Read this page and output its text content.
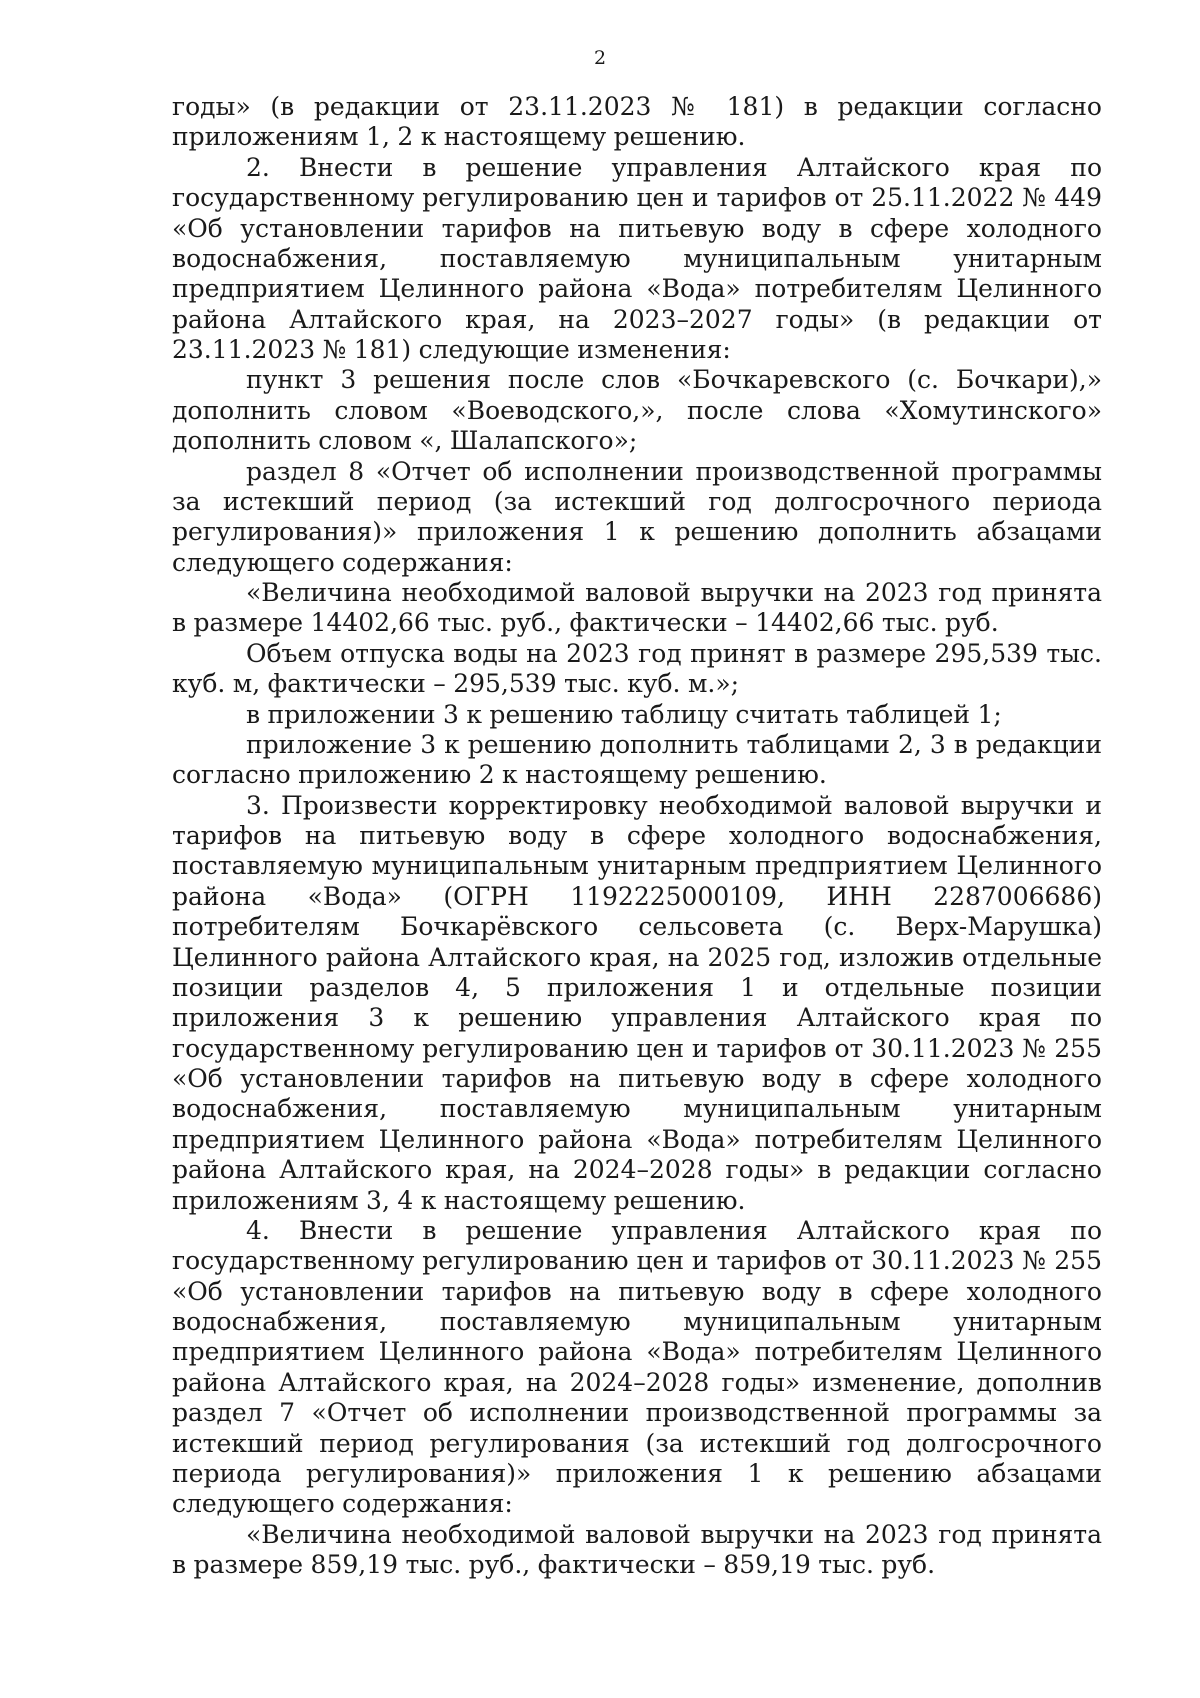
2

годы» (в редакции от 23.11.2023 № 181) в редакции согласно приложениям 1, 2 к настоящему решению.

2. Внести в решение управления Алтайского края по государственному регулированию цен и тарифов от 25.11.2022 № 449 «Об установлении тарифов на питьевую воду в сфере холодного водоснабжения, поставляемую муниципальным унитарным предприятием Целинного района «Вода» потребителям Целинного района Алтайского края, на 2023–2027 годы» (в редакции от 23.11.2023 № 181) следующие изменения:

пункт 3 решения после слов «Бочкаревского (с. Бочкари),» дополнить словом «Воеводского,», после слова «Хомутинского» дополнить словом «, Шалапского»;

раздел 8 «Отчет об исполнении производственной программы за истекший период (за истекший год долгосрочного периода регулирования)» приложения 1 к решению дополнить абзацами следующего содержания:

«Величина необходимой валовой выручки на 2023 год принята в размере 14402,66 тыс. руб., фактически – 14402,66 тыс. руб.

Объем отпуска воды на 2023 год принят в размере 295,539 тыс. куб. м, фактически – 295,539 тыс. куб. м.»;

в приложении 3 к решению таблицу считать таблицей 1;

приложение 3 к решению дополнить таблицами 2, 3 в редакции согласно приложению 2 к настоящему решению.

3. Произвести корректировку необходимой валовой выручки и тарифов на питьевую воду в сфере холодного водоснабжения, поставляемую муниципальным унитарным предприятием Целинного района «Вода» (ОГРН 1192225000109, ИНН 2287006686) потребителям Бочкарёвского сельсовета (с. Верх-Марушка) Целинного района Алтайского края, на 2025 год, изложив отдельные позиции разделов 4, 5 приложения 1 и отдельные позиции приложения 3 к решению управления Алтайского края по государственному регулированию цен и тарифов от 30.11.2023 № 255 «Об установлении тарифов на питьевую воду в сфере холодного водоснабжения, поставляемую муниципальным унитарным предприятием Целинного района «Вода» потребителям Целинного района Алтайского края, на 2024–2028 годы» в редакции согласно приложениям 3, 4 к настоящему решению.

4. Внести в решение управления Алтайского края по государственному регулированию цен и тарифов от 30.11.2023 № 255 «Об установлении тарифов на питьевую воду в сфере холодного водоснабжения, поставляемую муниципальным унитарным предприятием Целинного района «Вода» потребителям Целинного района Алтайского края, на 2024–2028 годы» изменение, дополнив раздел 7 «Отчет об исполнении производственной программы за истекший период регулирования (за истекший год долгосрочного периода регулирования)» приложения 1 к решению абзацами следующего содержания:

«Величина необходимой валовой выручки на 2023 год принята в размере 859,19 тыс. руб., фактически – 859,19 тыс. руб.
